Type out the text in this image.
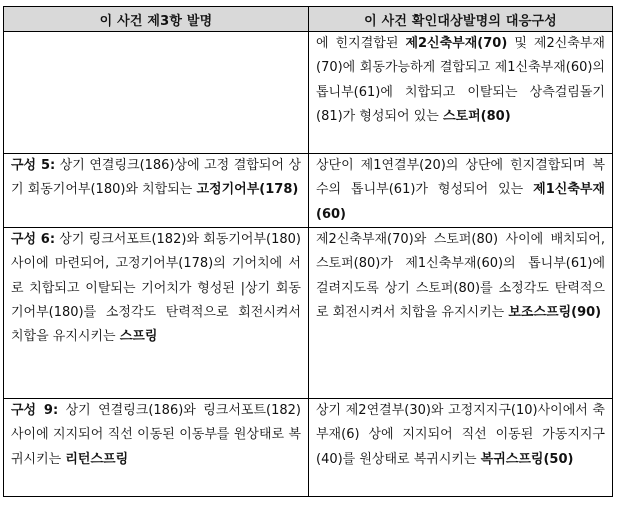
이 사건 제3항 발명	이 사건 확인대상발명의 대응구성

	에 힌지결합된 제2신축부재(70) 및 제2신축부재(70)에 회동가능하게 결합되고 제1신축부재(60)의 톱니부(61)에 치합되고 이탈되는 상측걸림돌기(81)가 형성되어 있는 스토퍼(80)

구성 5: 상기 연결링크(186)상에 고정 결합되어 상기 회동기어부(180)와 치합되는 고정기어부(178)	상단이 제1연결부(20)의 상단에 힌지결합되며 복수의 톱니부(61)가 형성되어 있는 제1신축부재(60)

구성 6: 상기 링크서포트(182)와 회동기어부(180) 사이에 마련되어, 고정기어부(178)의 기어치에 서로 치합되고 이탈되는 기어치가 형성된 |상기 회동기어부(180)를 소정각도 탄력적으로 회전시켜서 치합을 유지시키는 스프링	제2신축부재(70)와 스토퍼(80) 사이에 배치되어, 스토퍼(80)가 제1신축부재(60)의 톱니부(61)에 걸려지도록 상기 스토퍼(80)를 소정각도 탄력적으로 회전시켜서 치합을 유지시키는 보조스프링(90)

구성 9: 상기 연결링크(186)와 링크서포트(182) 사이에 지지되어 직선 이동된 이동부를 원상태로 복귀시키는 리턴스프링	상기 제2연결부(30)와 고정지지구(10)사이에서 축부재(6) 상에 지지되어 직선 이동된 가동지지구(40)를 원상태로 복귀시키는 복귀스프링(50)
